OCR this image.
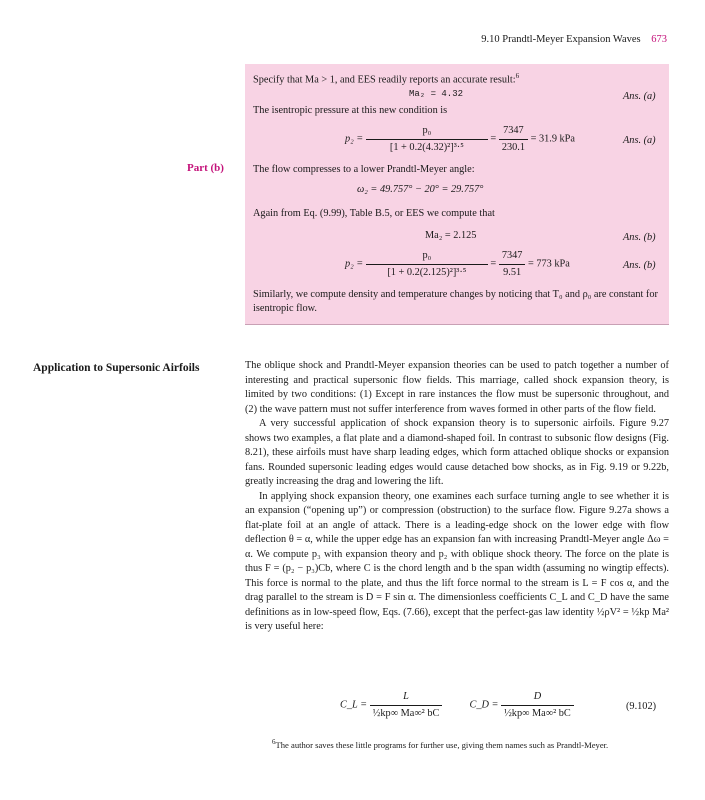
9.10 Prandtl-Meyer Expansion Waves 673
Specify that Ma > 1, and EES readily reports an accurate result:$^6$
Ma₂ = 4.32	Ans. (a)
The isentropic pressure at this new condition is
$p_2 = \frac{\text{p₀}}{\text{[1 + 0.2(4.32)²]³·⁵}} = \frac{7347}{230.1} = 31.9$ kPa	Ans. (a)
Part (b)	The flow compresses to a lower Prandtl-Meyer angle:
ω₂ = 49.757° − 20° = 29.757°
Again from Eq. (9.99), Table B.5, or EES we compute that
Ma₂ = 2.125	Ans. (b)
$p_2 = \frac{\text{p₀}}{\text{[1 + 0.2(2.125)²]³·⁵}} = \frac{7347}{9.51} = 773$ kPa	Ans. (b)
Similarly, we compute density and temperature changes by noticing that T₀ and ρ₀ are constant for isentropic flow.
Application to Supersonic Airfoils	The oblique shock and Prandtl-Meyer expansion theories can be used to patch together a number of interesting and practical supersonic flow fields. This marriage, called shock expansion theory, is limited by two conditions: (1) Except in rare instances the flow must be supersonic throughout, and (2) the wave pattern must not suffer interference from waves formed in other parts of the flow field.

A very successful application of shock expansion theory is to supersonic airfoils. Figure 9.27 shows two examples, a flat plate and a diamond-shaped foil. In contrast to subsonic flow designs (Fig. 8.21), these airfoils must have sharp leading edges, which form attached oblique shocks or expansion fans. Rounded supersonic leading edges would cause detached bow shocks, as in Fig. 9.19 or 9.22b, greatly increasing the drag and lowering the lift.

In applying shock expansion theory, one examines each surface turning angle to see whether it is an expansion (“opening up”) or compression (obstruction) to the surface flow. Figure 9.27a shows a flat-plate foil at an angle of attack. There is a leading-edge shock on the lower edge with flow deflection θ = α, while the upper edge has an expansion fan with increasing Prandtl-Meyer angle Δω = α. We compute p₃ with expansion theory and p₂ with oblique shock theory. The force on the plate is thus F = (p₂ − p₃)Cb, where C is the chord length and b the span width (assuming no wingtip effects). This force is normal to the plate, and thus the lift force normal to the stream is L = F cos α, and the drag parallel to the stream is D = F sin α. The dimensionless coefficients C_L and C_D have the same definitions as in low-speed flow, Eqs. (7.66), except that the perfect-gas law identity ½ρV² = ½kp Ma² is very useful here:

C_L = $\frac{L}{\text{½kp∞ Ma∞² bC}}$	C_D = $\frac{D}{\text{½kp∞ Ma∞² bC}}$	(9.102)
$^6$The author saves these little programs for further use, giving them names such as Prandtl-Meyer.
